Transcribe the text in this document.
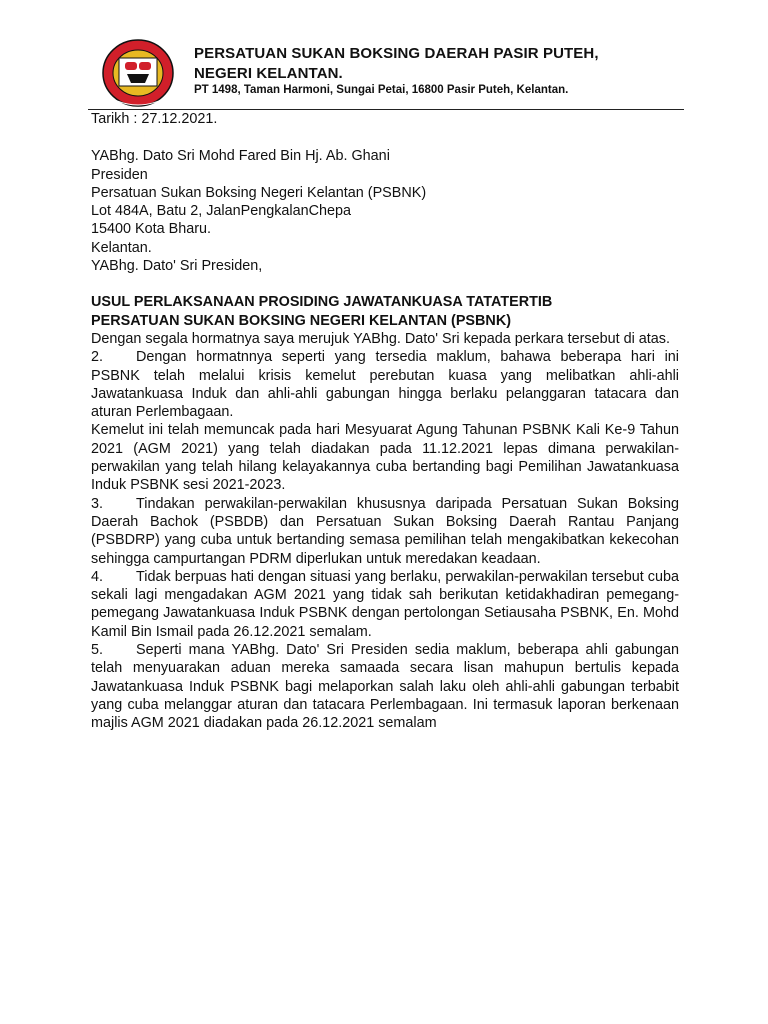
PERSATUAN SUKAN BOKSING DAERAH PASIR PUTEH,
NEGERI KELANTAN.
PT 1498, Taman Harmoni, Sungai Petai, 16800 Pasir Puteh, Kelantan.

Tarikh : 27.12.2021.

YABhg. Dato Sri Mohd Fared Bin Hj. Ab. Ghani

Presiden

Persatuan Sukan Boksing Negeri Kelantan (PSBNK)

Lot 484A, Batu 2, JalanPengkalanChepa

15400 Kota Bharu.

Kelantan.

YABhg. Dato' Sri Presiden,

USUL PERLAKSANAAN PROSIDING JAWATANKUASA TATATERTIB

PERSATUAN SUKAN BOKSING NEGERI KELANTAN (PSBNK)

Dengan segala hormatnya saya merujuk YABhg. Dato' Sri kepada perkara tersebut di atas.

2. Dengan hormatnnya seperti yang tersedia maklum, bahawa beberapa hari ini PSBNK telah melalui krisis kemelut perebutan kuasa yang melibatkan ahli-ahli Jawatankuasa Induk dan ahli-ahli gabungan hingga berlaku pelanggaran tatacara dan aturan Perlembagaan.

Kemelut ini telah memuncak pada hari Mesyuarat Agung Tahunan PSBNK Kali Ke-9 Tahun 2021 (AGM 2021) yang telah diadakan pada 11.12.2021 lepas dimana perwakilan-perwakilan yang telah hilang kelayakannya cuba bertanding bagi Pemilihan Jawatankuasa Induk PSBNK sesi 2021-2023.

3. Tindakan perwakilan-perwakilan khususnya daripada Persatuan Sukan Boksing Daerah Bachok (PSBDB) dan Persatuan Sukan Boksing Daerah Rantau Panjang (PSBDRP) yang cuba untuk bertanding semasa pemilihan telah mengakibatkan kekecohan sehingga campurtangan PDRM diperlukan untuk meredakan keadaan.

4. Tidak berpuas hati dengan situasi yang berlaku, perwakilan-perwakilan tersebut cuba sekali lagi mengadakan AGM 2021 yang tidak sah berikutan ketidakhadiran pemegang-pemegang Jawatankuasa Induk PSBNK dengan pertolongan Setiausaha PSBNK, En. Mohd Kamil Bin Ismail pada 26.12.2021 semalam.

5. Seperti mana YABhg. Dato' Sri Presiden sedia maklum, beberapa ahli gabungan telah menyuarakan aduan mereka samaada secara lisan mahupun bertulis kepada Jawatankuasa Induk PSBNK bagi melaporkan salah laku oleh ahli-ahli gabungan terbabit yang cuba melanggar aturan dan tatacara Perlembagaan. Ini termasuk laporan berkenaan majlis AGM 2021 diadakan pada 26.12.2021 semalam
